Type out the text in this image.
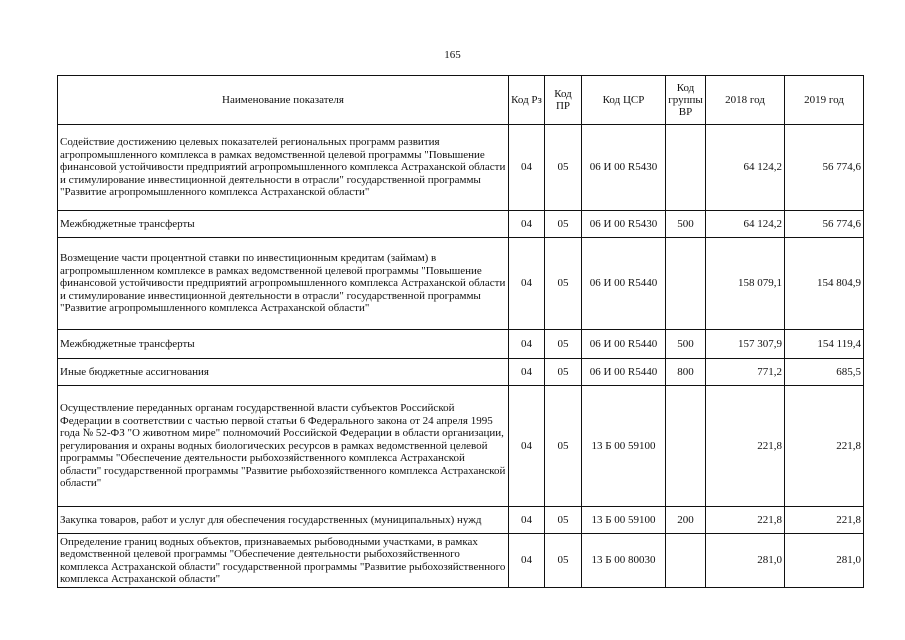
165
Наименование показателя	Код Рз	Код ПР	Код ЦСР	Код группы ВР	2018 год	2019 год
Содействие достижению целевых показателей региональных программ развития агропромышленного комплекса в рамках ведомственной целевой программы "Повышение финансовой устойчивости предприятий агропромышленного комплекса Астраханской области и стимулирование инвестиционной деятельности в отрасли" государственной программы "Развитие агропромышленного комплекса Астраханской области"	04	05	06 И 00 R5430		64 124,2	56 774,6
Межбюджетные трансферты	04	05	06 И 00 R5430	500	64 124,2	56 774,6
Возмещение части процентной ставки по инвестиционным кредитам (займам) в агропромышленном комплексе в рамках ведомственной целевой программы "Повышение финансовой устойчивости предприятий агропромышленного комплекса Астраханской области и стимулирование инвестиционной деятельности в отрасли" государственной программы "Развитие агропромышленного комплекса Астраханской области"	04	05	06 И 00 R5440		158 079,1	154 804,9
Межбюджетные трансферты	04	05	06 И 00 R5440	500	157 307,9	154 119,4
Иные бюджетные ассигнования	04	05	06 И 00 R5440	800	771,2	685,5
Осуществление переданных органам государственной власти субъектов Российской Федерации в соответствии с частью первой статьи 6 Федерального закона от 24 апреля 1995 года № 52-ФЗ "О животном мире" полномочий Российской Федерации в области организации, регулирования и охраны водных биологических ресурсов в рамках ведомственной целевой программы "Обеспечение деятельности рыбохозяйственного комплекса Астраханской области" государственной программы "Развитие рыбохозяйственного комплекса Астраханской области"	04	05	13 Б 00 59100		221,8	221,8
Закупка товаров, работ и услуг для обеспечения государственных (муниципальных) нужд	04	05	13 Б 00 59100	200	221,8	221,8
Определение границ водных объектов, признаваемых рыбоводными участками, в рамках ведомственной целевой программы "Обеспечение деятельности рыбохозяйственного комплекса Астраханской области" государственной программы "Развитие рыбохозяйственного комплекса Астраханской области"	04	05	13 Б 00 80030		281,0	281,0
